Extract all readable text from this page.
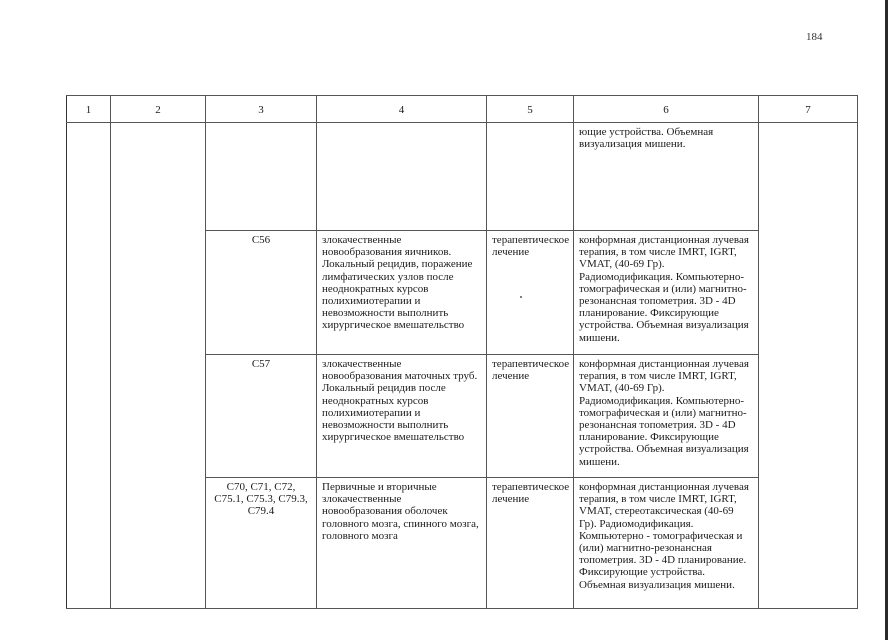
184
1	2	3	4	5	6	7
					ющие устройства. Объемная визуализация мишени.	
		C56	злокачественные новообразования яичников. Локальный рецидив, поражение лимфатических узлов после неоднократных курсов полихимиотерапии и невозможности выполнить хирургическое вмешательство	терапевтическое лечение	конформная дистанционная лучевая терапия, в том числе IMRT, IGRT, VMAT, (40-69 Гр). Радиомодификация. Компьютерно-томографическая и (или) магнитно-резонансная топометрия. 3D - 4D планирование. Фиксирующие устройства. Объемная визуализация мишени.	
		C57	злокачественные новообразования маточных труб. Локальный рецидив после неоднократных курсов полихимиотерапии и невозможности выполнить хирургическое вмешательство	терапевтическое лечение	конформная дистанционная лучевая терапия, в том числе IMRT, IGRT, VMAT, (40-69 Гр). Радиомодификация. Компьютерно-томографическая и (или) магнитно-резонансная топометрия. 3D - 4D планирование. Фиксирующие устройства. Объемная визуализация мишени.	
		C70, C71, C72, C75.1, C75.3, C79.3, C79.4	Первичные и вторичные злокачественные новообразования оболочек головного мозга, спинного мозга, головного мозга	терапевтическое лечение	конформная дистанционная лучевая терапия, в том числе IMRT, IGRT, VMAT, стереотаксическая (40-69 Гр). Радиомодификация. Компьютерно - томографическая и (или) магнитно-резонансная топометрия. 3D - 4D планирование. Фиксирующие устройства. Объемная визуализация мишени.	
